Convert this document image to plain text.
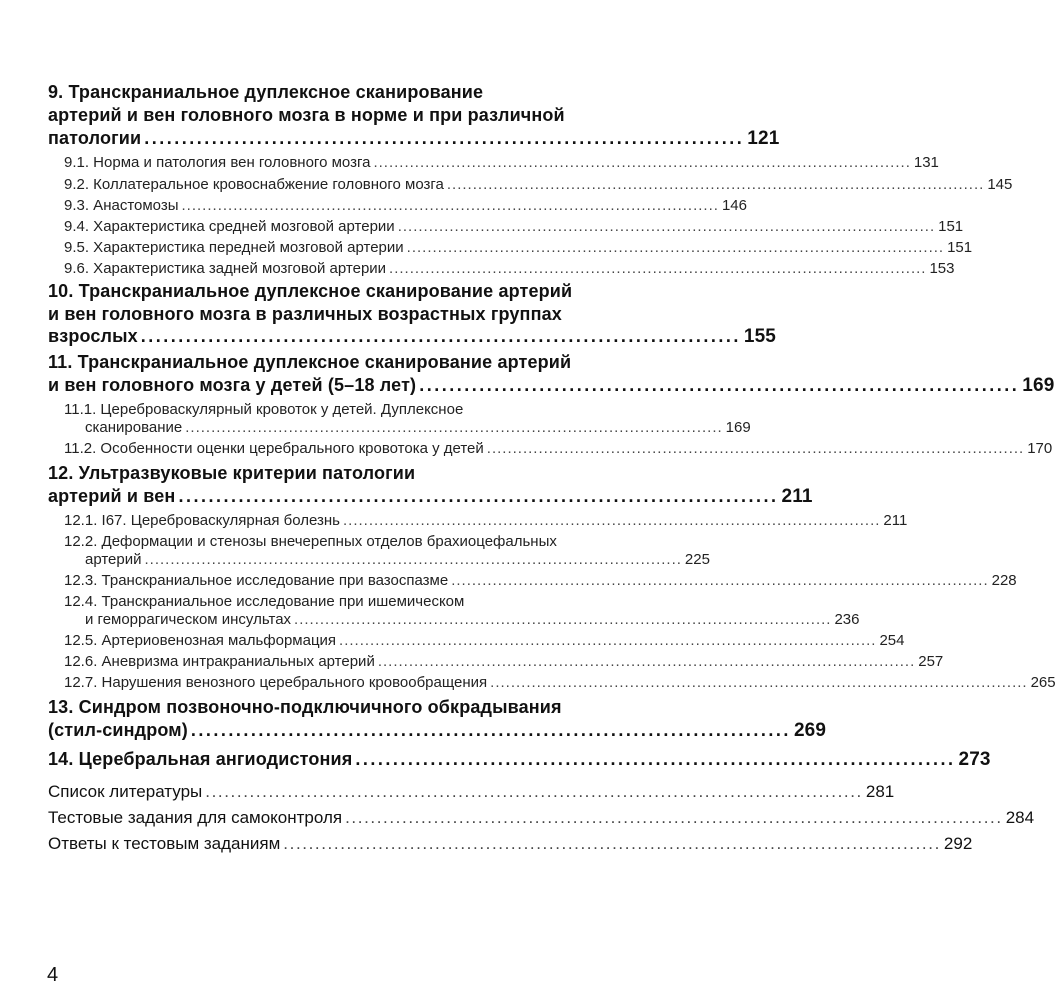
9. Транскраниальное дуплексное сканирование
артерий и вен головного мозга в норме и при различной
патологии ................................................................................ 121
9.1. Норма и патология вен головного мозга ........................................................................................................ 131
9.2. Коллатеральное кровоснабжение головного мозга ........................................................................................................ 145
9.3. Анастомозы ........................................................................................................ 146
9.4. Характеристика средней мозговой артерии ........................................................................................................ 151
9.5. Характеристика передней мозговой артерии ........................................................................................................ 151
9.6. Характеристика задней мозговой артерии ........................................................................................................ 153
10. Транскраниальное дуплексное сканирование артерий
и вен головного мозга в различных возрастных группах
взрослых ................................................................................ 155
11. Транскраниальное дуплексное сканирование артерий
и вен головного мозга у детей (5–18 лет) ................................................................................ 169
11.1. Цереброваскулярный кровоток у детей. Дуплексное
сканирование ........................................................................................................ 169
11.2. Особенности оценки церебрального кровотока у детей ........................................................................................................ 170
12. Ультразвуковые критерии патологии
артерий и вен ................................................................................ 211
12.1. I67. Цереброваскулярная болезнь ........................................................................................................ 211
12.2. Деформации и стенозы внечерепных отделов брахиоцефальных
артерий ........................................................................................................ 225
12.3. Транскраниальное исследование при вазоспазме ........................................................................................................ 228
12.4. Транскраниальное исследование при ишемическом
и геморрагическом инсультах ........................................................................................................ 236
12.5. Артериовенозная мальформация ........................................................................................................ 254
12.6. Аневризма интракраниальных артерий ........................................................................................................ 257
12.7. Нарушения венозного церебрального кровообращения ........................................................................................................ 265
13. Синдром позвоночно-подключичного обкрадывания
(стил-синдром) ................................................................................ 269
14. Церебральная ангиодистония ................................................................................ 273
Список литературы ........................................................................................................ 281
Тестовые задания для самоконтроля ........................................................................................................ 284
Ответы к тестовым заданиям ........................................................................................................ 292
4
